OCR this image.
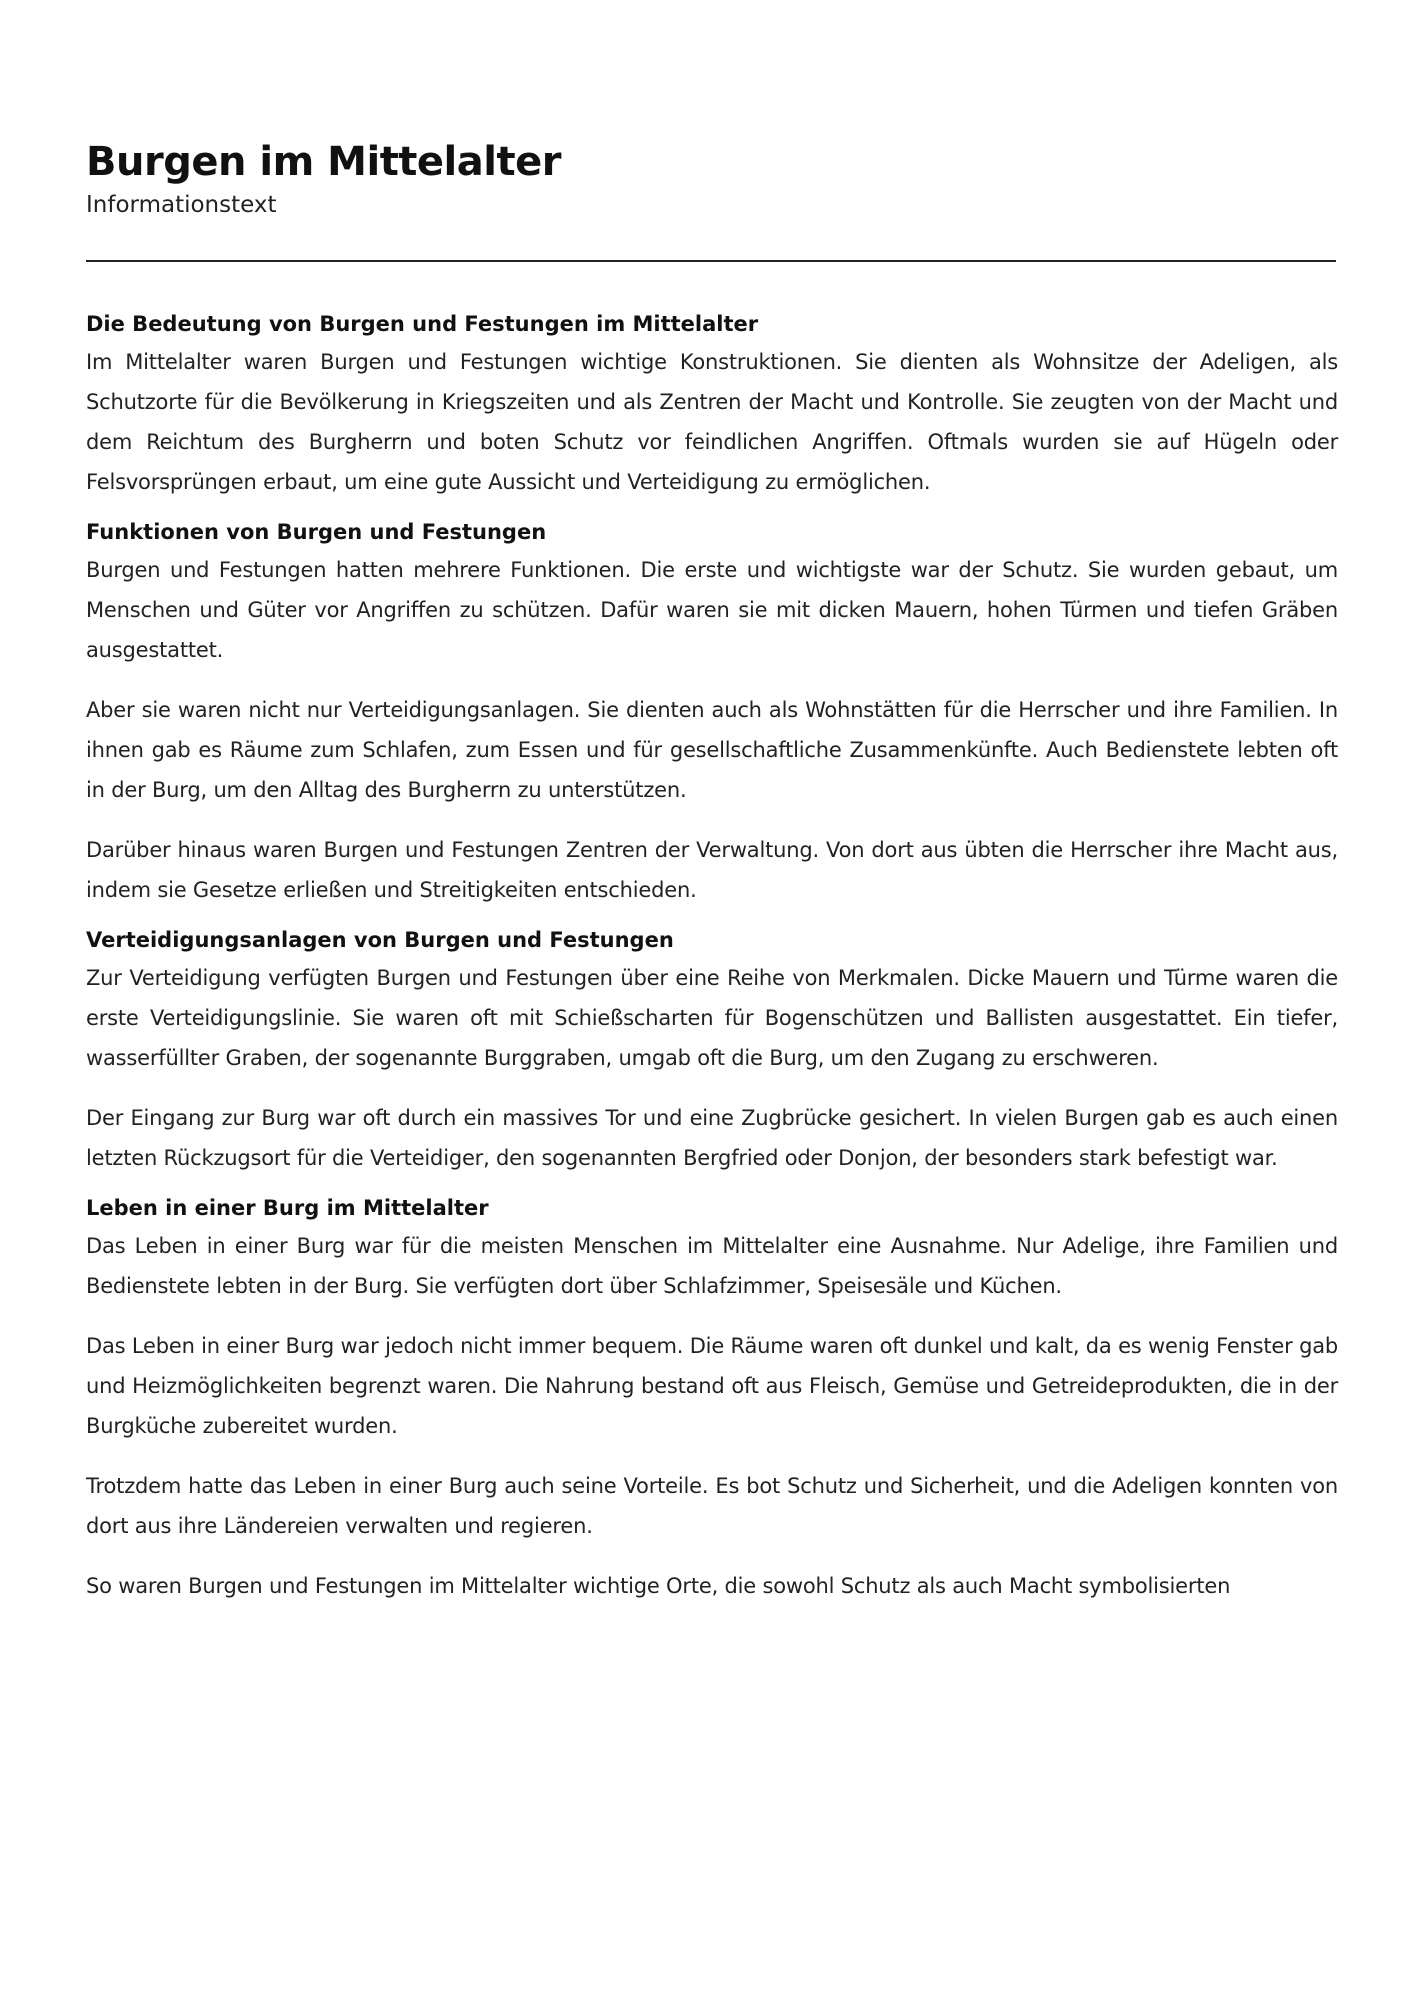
Burgen im Mittelalter
Informationstext
Die Bedeutung von Burgen und Festungen im Mittelalter

Im Mittelalter waren Burgen und Festungen wichtige Konstruktionen. Sie dienten als Wohnsitze der Adeligen, als Schutzorte für die Bevölkerung in Kriegszeiten und als Zentren der Macht und Kontrolle. Sie zeugten von der Macht und dem Reichtum des Burgherrn und boten Schutz vor feindlichen Angriffen. Oftmals wurden sie auf Hügeln oder Felsvorsprüngen erbaut, um eine gute Aussicht und Verteidigung zu ermöglichen.

Funktionen von Burgen und Festungen

Burgen und Festungen hatten mehrere Funktionen. Die erste und wichtigste war der Schutz. Sie wurden gebaut, um Menschen und Güter vor Angriffen zu schützen. Dafür waren sie mit dicken Mauern, hohen Türmen und tiefen Gräben ausgestattet.

Aber sie waren nicht nur Verteidigungsanlagen. Sie dienten auch als Wohnstätten für die Herrscher und ihre Familien. In ihnen gab es Räume zum Schlafen, zum Essen und für gesellschaftliche Zusammenkünfte. Auch Bedienstete lebten oft in der Burg, um den Alltag des Burgherrn zu unterstützen.

Darüber hinaus waren Burgen und Festungen Zentren der Verwaltung. Von dort aus übten die Herrscher ihre Macht aus, indem sie Gesetze erließen und Streitigkeiten entschieden.

Verteidigungsanlagen von Burgen und Festungen

Zur Verteidigung verfügten Burgen und Festungen über eine Reihe von Merkmalen. Dicke Mauern und Türme waren die erste Verteidigungslinie. Sie waren oft mit Schießscharten für Bogenschützen und Ballisten ausgestattet. Ein tiefer, wasserfüllter Graben, der sogenannte Burggraben, umgab oft die Burg, um den Zugang zu erschweren.

Der Eingang zur Burg war oft durch ein massives Tor und eine Zugbrücke gesichert. In vielen Burgen gab es auch einen letzten Rückzugsort für die Verteidiger, den sogenannten Bergfried oder Donjon, der besonders stark befestigt war.

Leben in einer Burg im Mittelalter

Das Leben in einer Burg war für die meisten Menschen im Mittelalter eine Ausnahme. Nur Adelige, ihre Familien und Bedienstete lebten in der Burg. Sie verfügten dort über Schlafzimmer, Speisesäle und Küchen.

Das Leben in einer Burg war jedoch nicht immer bequem. Die Räume waren oft dunkel und kalt, da es wenig Fenster gab und Heizmöglichkeiten begrenzt waren. Die Nahrung bestand oft aus Fleisch, Gemüse und Getreideprodukten, die in der Burgküche zubereitet wurden.

Trotzdem hatte das Leben in einer Burg auch seine Vorteile. Es bot Schutz und Sicherheit, und die Adeligen konnten von dort aus ihre Ländereien verwalten und regieren.

So waren Burgen und Festungen im Mittelalter wichtige Orte, die sowohl Schutz als auch Macht symbolisierten
